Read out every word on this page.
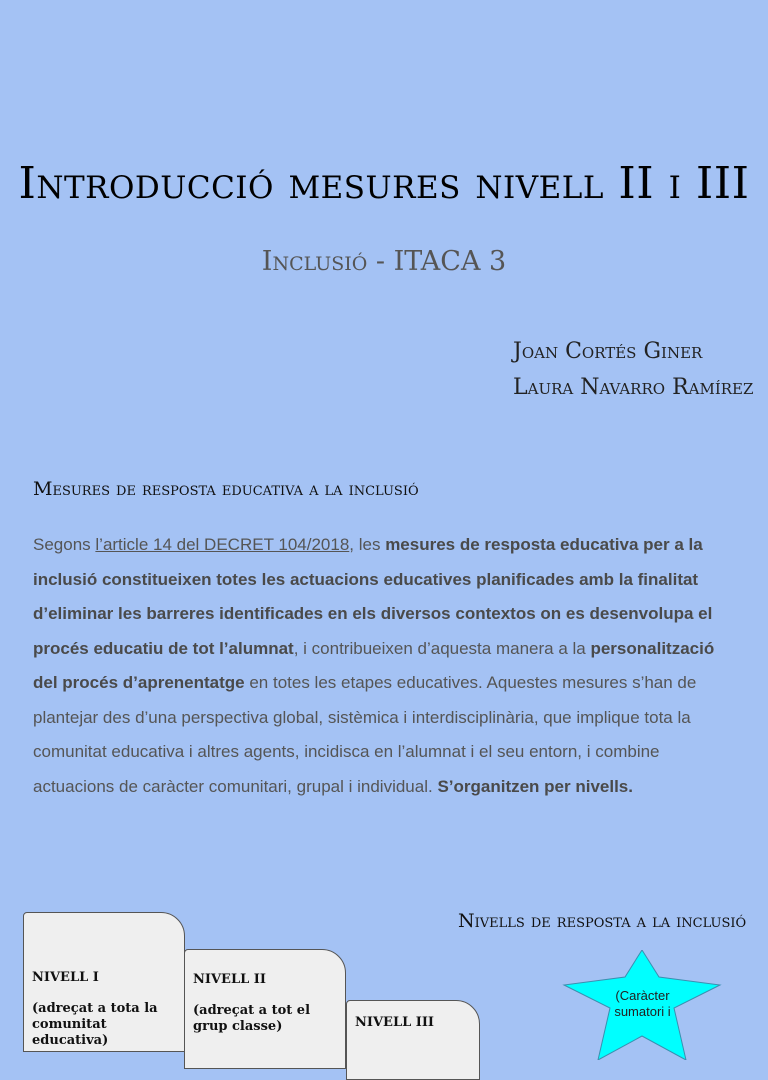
Introducció mesures nivell II i III
Inclusió - ITACA 3
Joan Cortés Giner
Laura Navarro Ramírez
Mesures de resposta educativa a la inclusió

Segons l’article 14 del DECRET 104/2018, les mesures de resposta educativa per a la inclusió constitueixen totes les actuacions educatives planificades amb la finalitat d’eliminar les barreres identificades en els diversos contextos on es desenvolupa el procés educatiu de tot l’alumnat, i contribueixen d’aquesta manera a la personalització del procés d’aprenentatge en totes les etapes educatives. Aquestes mesures s’han de plantejar des d’una perspectiva global, sistèmica i interdisciplinària, que implique tota la comunitat educativa i altres agents, incidisca en l’alumnat i el seu entorn, i combine actuacions de caràcter comunitari, grupal i individual. S’organitzen per nivells.

Nivells de resposta a la inclusió
NIVELL I
(adreçat a tota la comunitat educativa)
NIVELL II
(adreçat a tot el grup classe)	NIVELL III
(Caràcter sumatori i
